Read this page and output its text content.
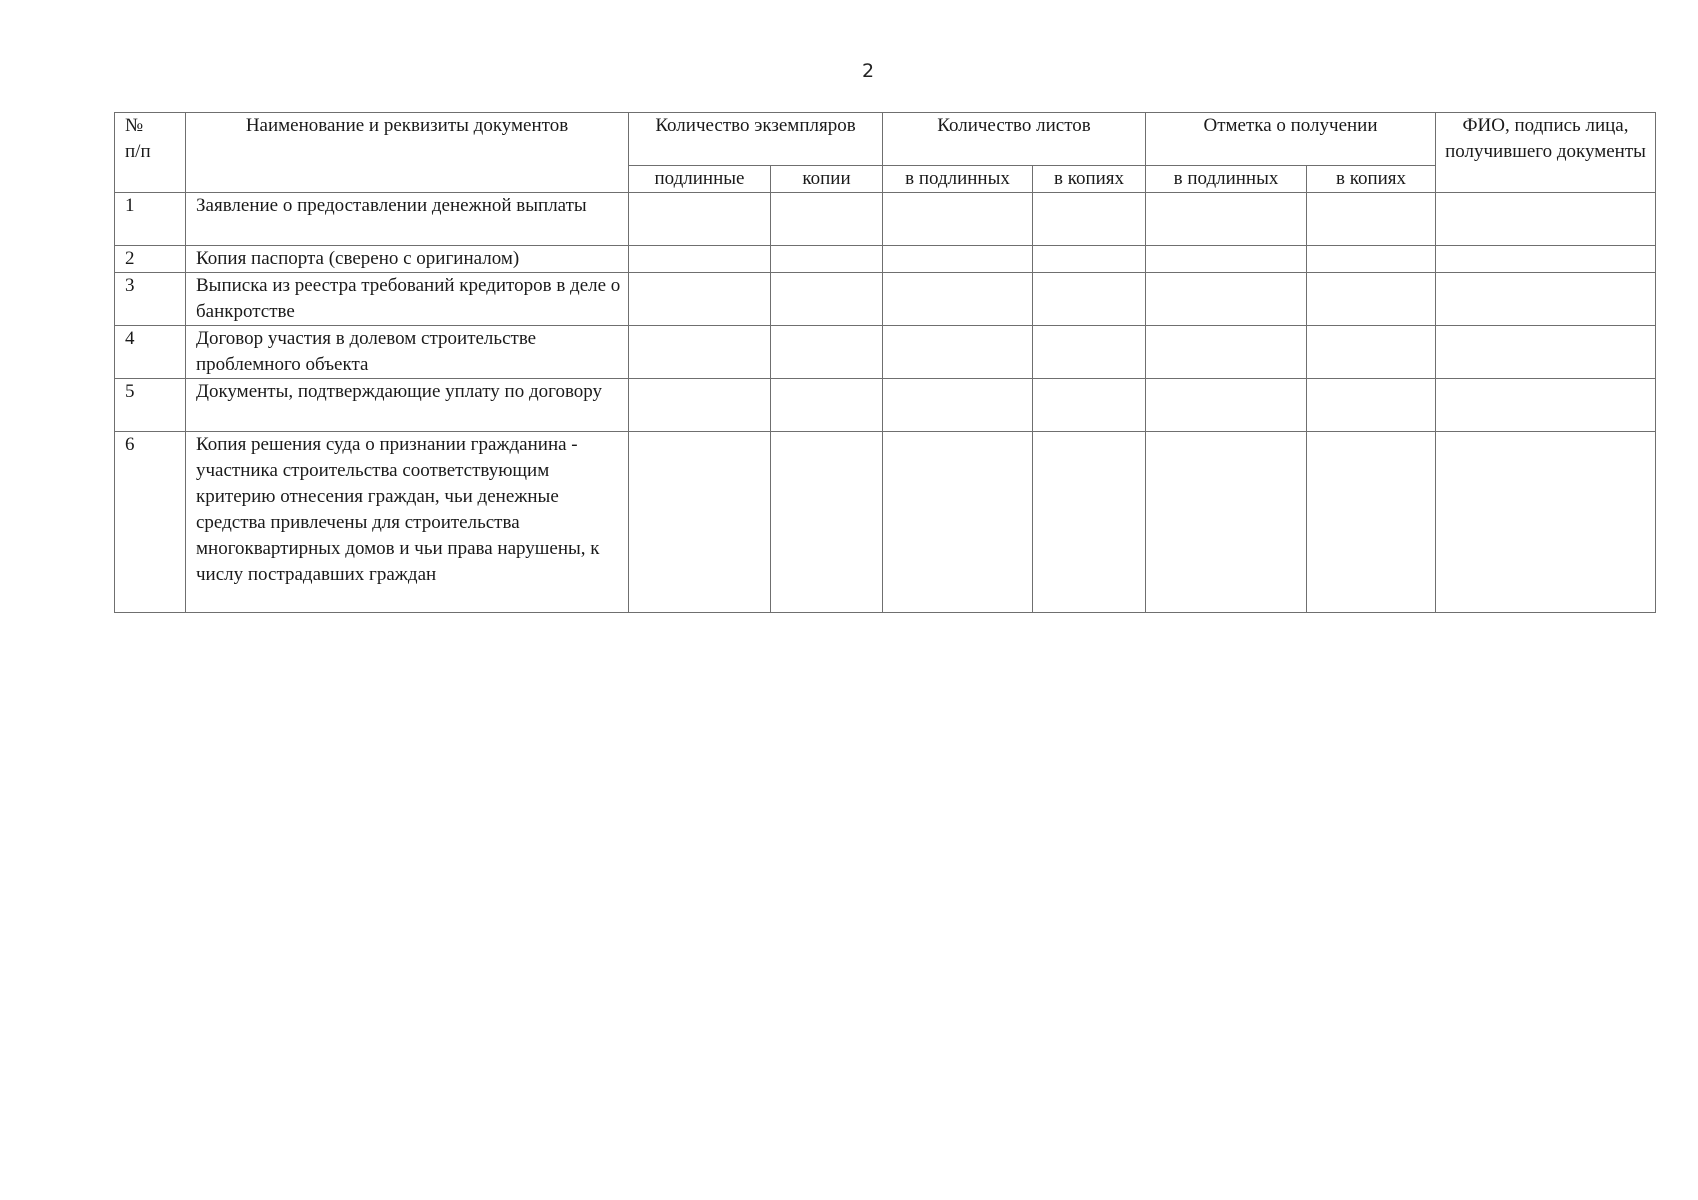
2
№
п/п	Наименование и реквизиты документов	Количество экземпляров		Количество листов		Отметка о получении		ФИО, подпись лица, получившего документы
		подлинные	копии	в подлинных	в копиях	в подлинных	в копиях	
1	Заявление о предоставлении денежной выплаты							
2	Копия паспорта (сверено с оригиналом)							
3	Выписка из реестра требований кредиторов в деле о банкротстве							
4	Договор участия в долевом строительстве проблемного объекта							
5	Документы, подтверждающие уплату по договору							
6	Копия решения суда о признании гражданина - участника строительства соответствующим критерию отнесения граждан, чьи денежные средства привлечены для строительства многоквартирных домов и чьи права нарушены, к числу пострадавших граждан							
